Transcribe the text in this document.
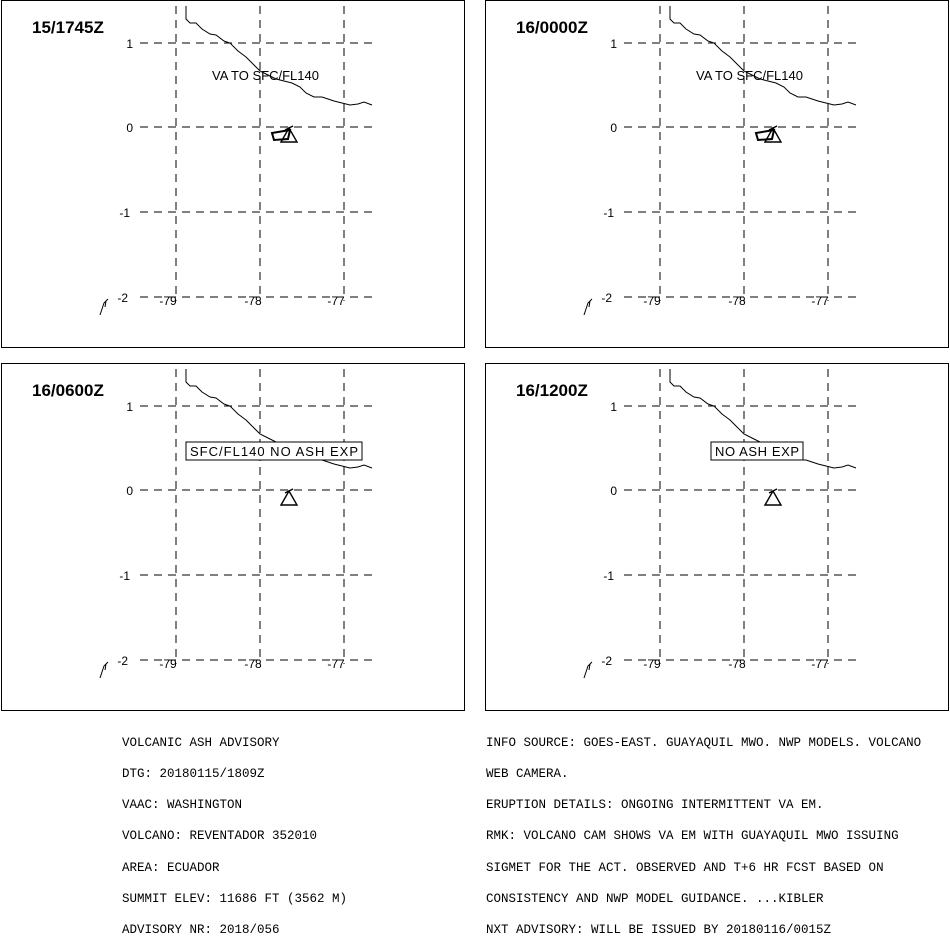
1
0
-1
-2	-79	-78	-77
VA TO SFC/FL140
15/1745Z
1
0
-1
-2	-79	-78	-77
VA TO SFC/FL140
16/0000Z
1
0
-1
-2	-79	-78	-77
SFC/FL140 NO ASH EXP
16/0600Z
1
0
-1
-2	-79	-78	-77
NO ASH EXP
16/1200Z

VOLCANIC ASH ADVISORY

DTG: 20180115/1809Z

VAAC: WASHINGTON

VOLCANO: REVENTADOR 352010

AREA: ECUADOR

SUMMIT ELEV: 11686 FT (3562 M)

ADVISORY NR: 2018/056

INFO SOURCE: GOES-EAST. GUAYAQUIL MWO. NWP MODELS. VOLCANO

WEB CAMERA.

ERUPTION DETAILS: ONGOING INTERMITTENT VA EM.

RMK: VOLCANO CAM SHOWS VA EM WITH GUAYAQUIL MWO ISSUING

SIGMET FOR THE ACT. OBSERVED AND T+6 HR FCST BASED ON

CONSISTENCY AND NWP MODEL GUIDANCE. ...KIBLER

NXT ADVISORY: WILL BE ISSUED BY 20180116/0015Z
